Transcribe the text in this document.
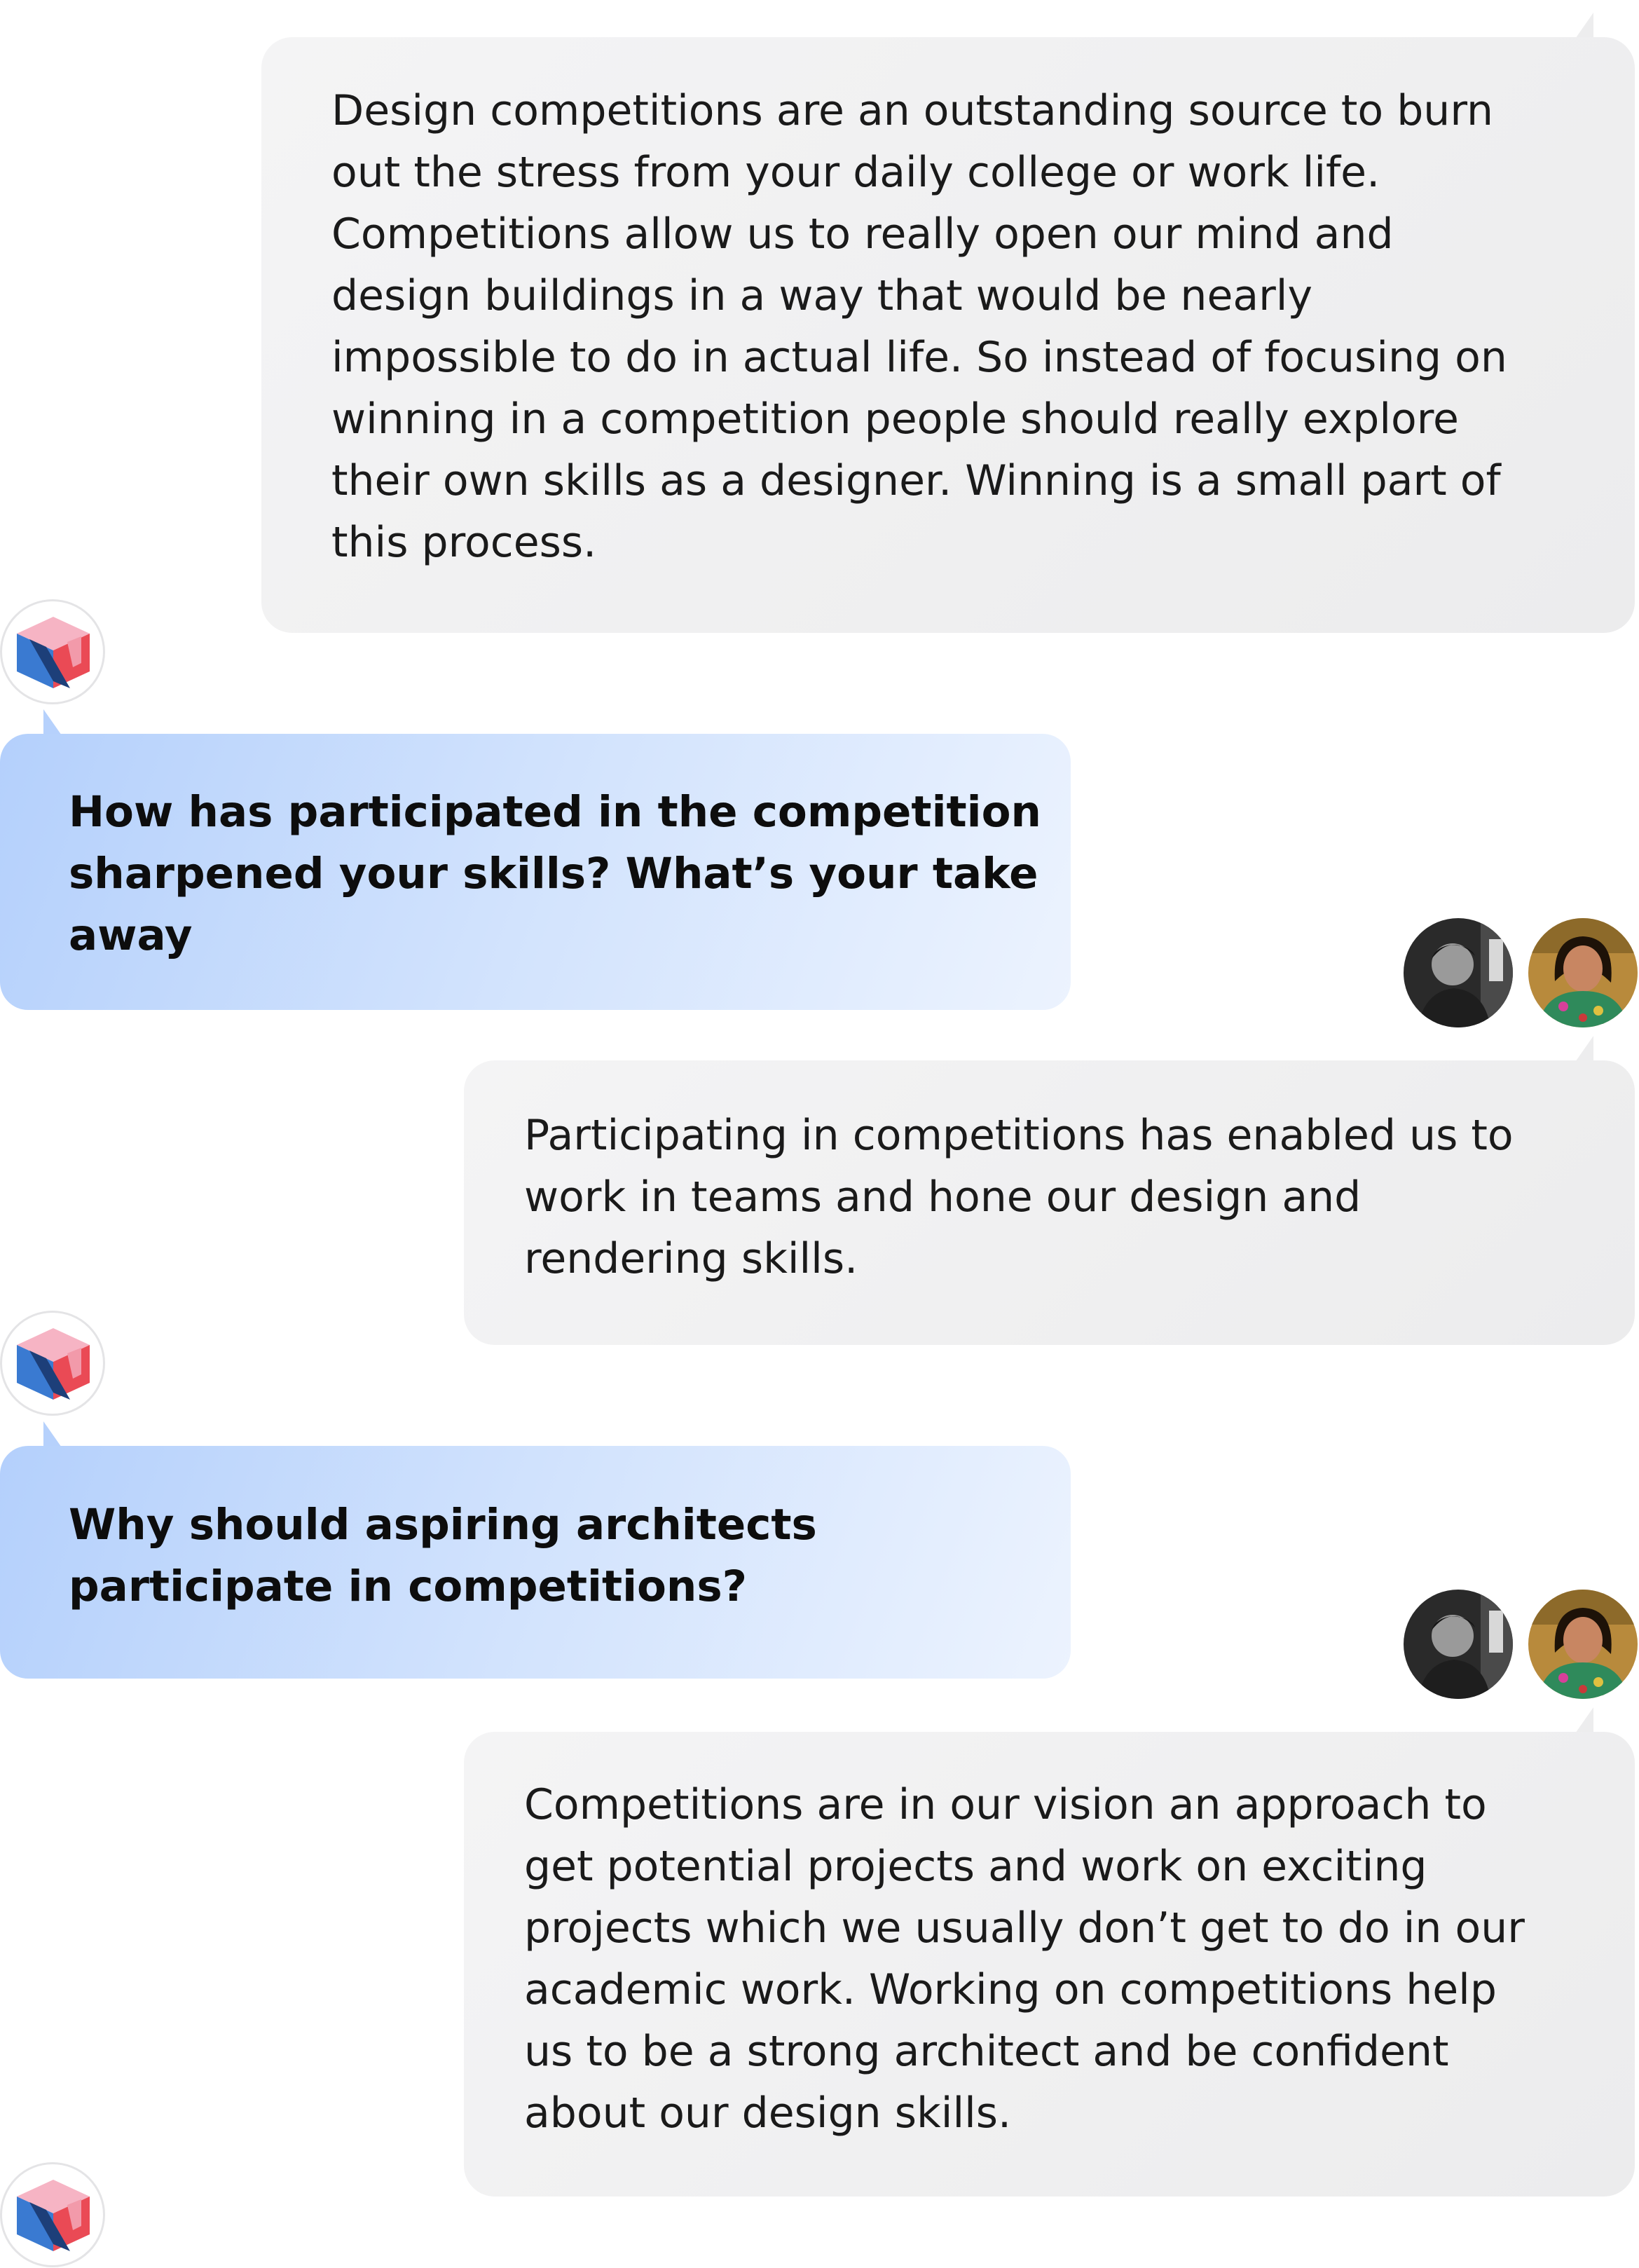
Design competitions are an outstanding source to burn
out the stress from your daily college or work life.
Competitions allow us to really open our mind and
design buildings in a way that would be nearly
impossible to do in actual life. So instead of focusing on
winning in a competition people should really explore
their own skills as a designer. Winning is a small part of
this process.

How has participated in the competition
sharpened your skills? What’s your take
away

Participating in competitions has enabled us to
work in teams and hone our design and
rendering skills.

Why should aspiring architects
participate in competitions?

Competitions are in our vision an approach to
get potential projects and work on exciting
projects which we usually don’t get to do in our
academic work. Working on competitions help
us to be a strong architect and be confident
about our design skills.
